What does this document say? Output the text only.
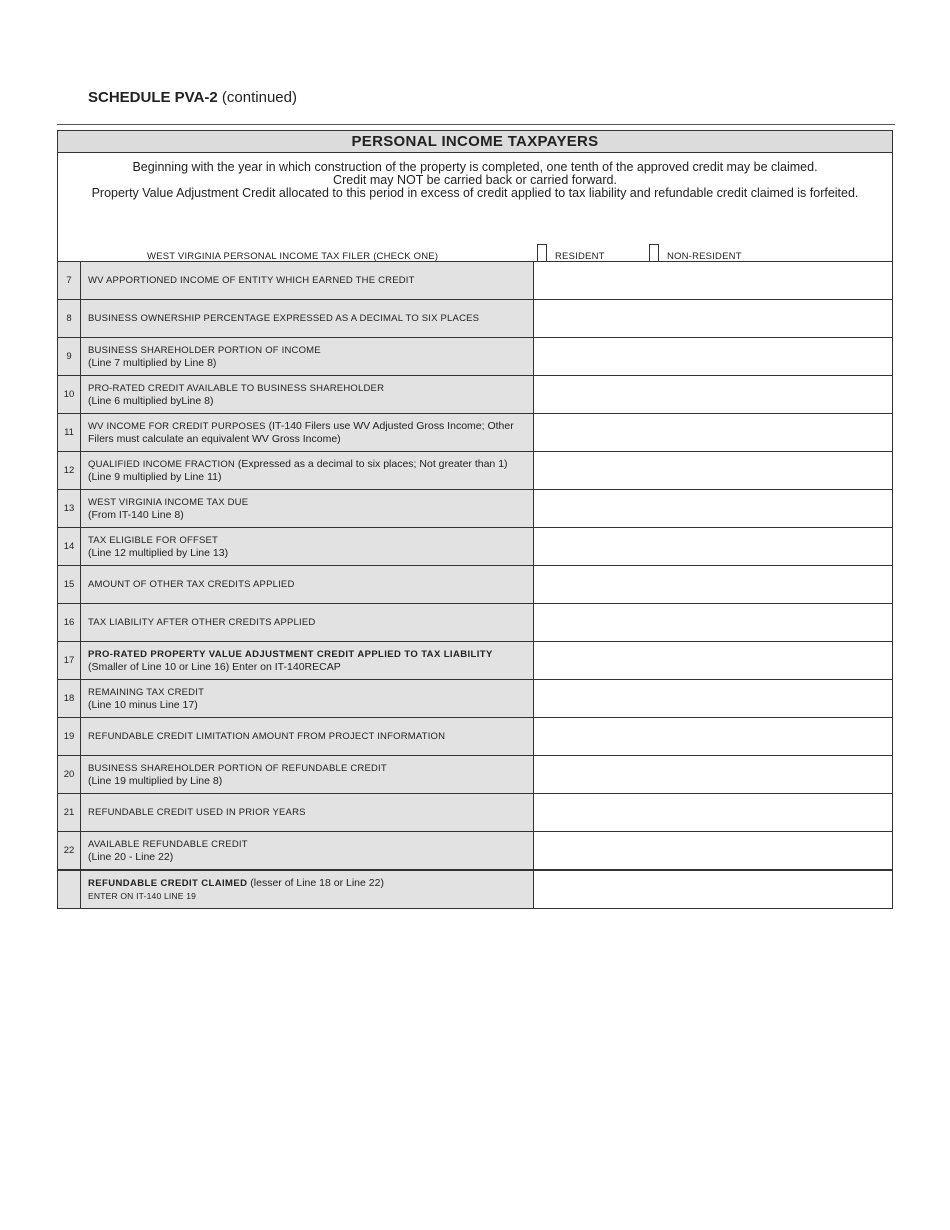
SCHEDULE PVA-2 (continued)
PERSONAL INCOME TAXPAYERS
Beginning with the year in which construction of the property is completed, one tenth of the approved credit may be claimed.
Credit may NOT be carried back or carried forward.
Property Value Adjustment Credit allocated to this period in excess of credit applied to tax liability and refundable credit claimed is forfeited.
WEST VIRGINIA PERSONAL INCOME TAX FILER (CHECK ONE)	RESIDENT	NON-RESIDENT
7	WV APPORTIONED INCOME OF ENTITY WHICH EARNED THE CREDIT
8	BUSINESS OWNERSHIP PERCENTAGE EXPRESSED AS A DECIMAL TO SIX PLACES
9
BUSINESS SHAREHOLDER PORTION OF INCOME
(Line 7 multiplied by Line 8)
10
PRO-RATED CREDIT AVAILABLE TO BUSINESS SHAREHOLDER
(Line 6 multiplied byLine 8)
11
WV INCOME FOR CREDIT PURPOSES (IT-140 Filers use WV Adjusted Gross Income; Other
Filers must calculate an equivalent WV Gross Income)
12
QUALIFIED INCOME FRACTION (Expressed as a decimal to six places; Not greater than 1)
(Line 9 multiplied by Line 11)
13
WEST VIRGINIA INCOME TAX DUE
(From IT-140 Line 8)
14
TAX ELIGIBLE FOR OFFSET
(Line 12 multiplied by Line 13)
15	AMOUNT OF OTHER TAX CREDITS APPLIED
16	TAX LIABILITY AFTER OTHER CREDITS APPLIED
17
PRO-RATED PROPERTY VALUE ADJUSTMENT CREDIT APPLIED TO TAX LIABILITY
(Smaller of Line 10 or Line 16) Enter on IT-140RECAP
18
REMAINING TAX CREDIT
(Line 10 minus Line 17)
19	REFUNDABLE CREDIT LIMITATION AMOUNT FROM PROJECT INFORMATION
20
BUSINESS SHAREHOLDER PORTION OF REFUNDABLE CREDIT
(Line 19 multiplied by Line 8)
21	REFUNDABLE CREDIT USED IN PRIOR YEARS
22
AVAILABLE REFUNDABLE CREDIT
(Line 20 - Line 22)
REFUNDABLE CREDIT CLAIMED (lesser of Line 18 or Line 22)
ENTER ON IT-140 LINE 19
